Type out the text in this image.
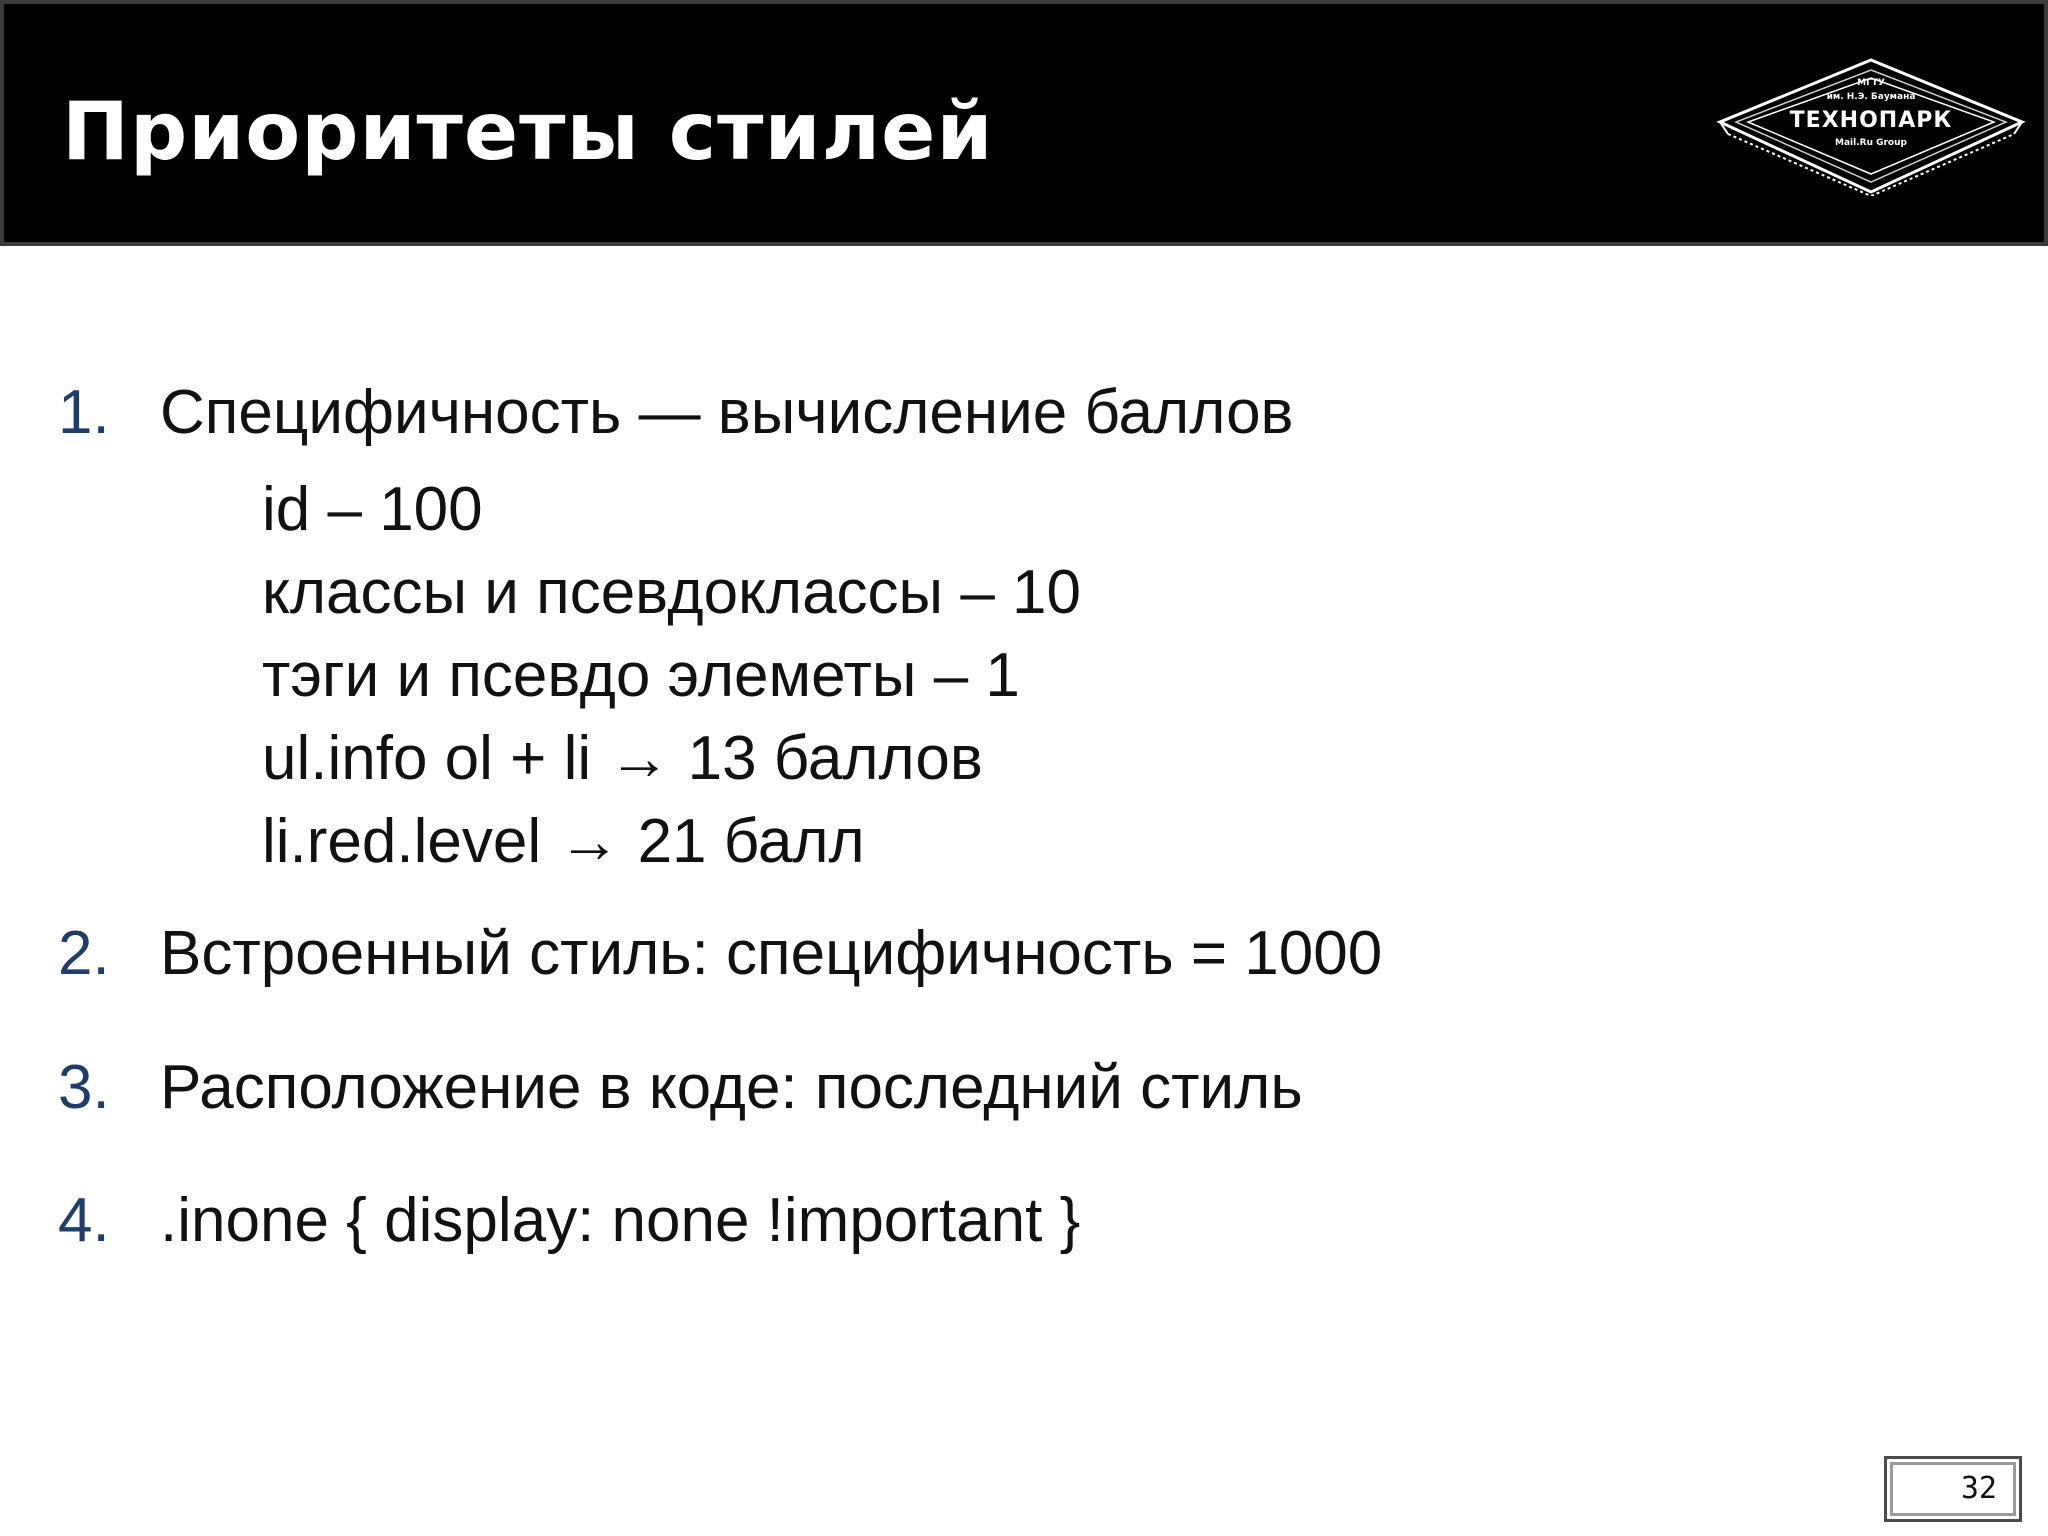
Приоритеты стилей
МГТУ
им. Н.Э. Баумана
ТЕХНОПАРК
Mail.Ru Group
1. Специфичность — вычисление баллов
id – 100
классы и псевдоклассы – 10
тэги и псевдо элеметы – 1
ul.info ol + li → 13 баллов
li.red.level → 21 балл
2. Встроенный стиль: специфичность = 1000
3. Расположение в коде: последний стиль
4. .inone { display: none !important }
32
